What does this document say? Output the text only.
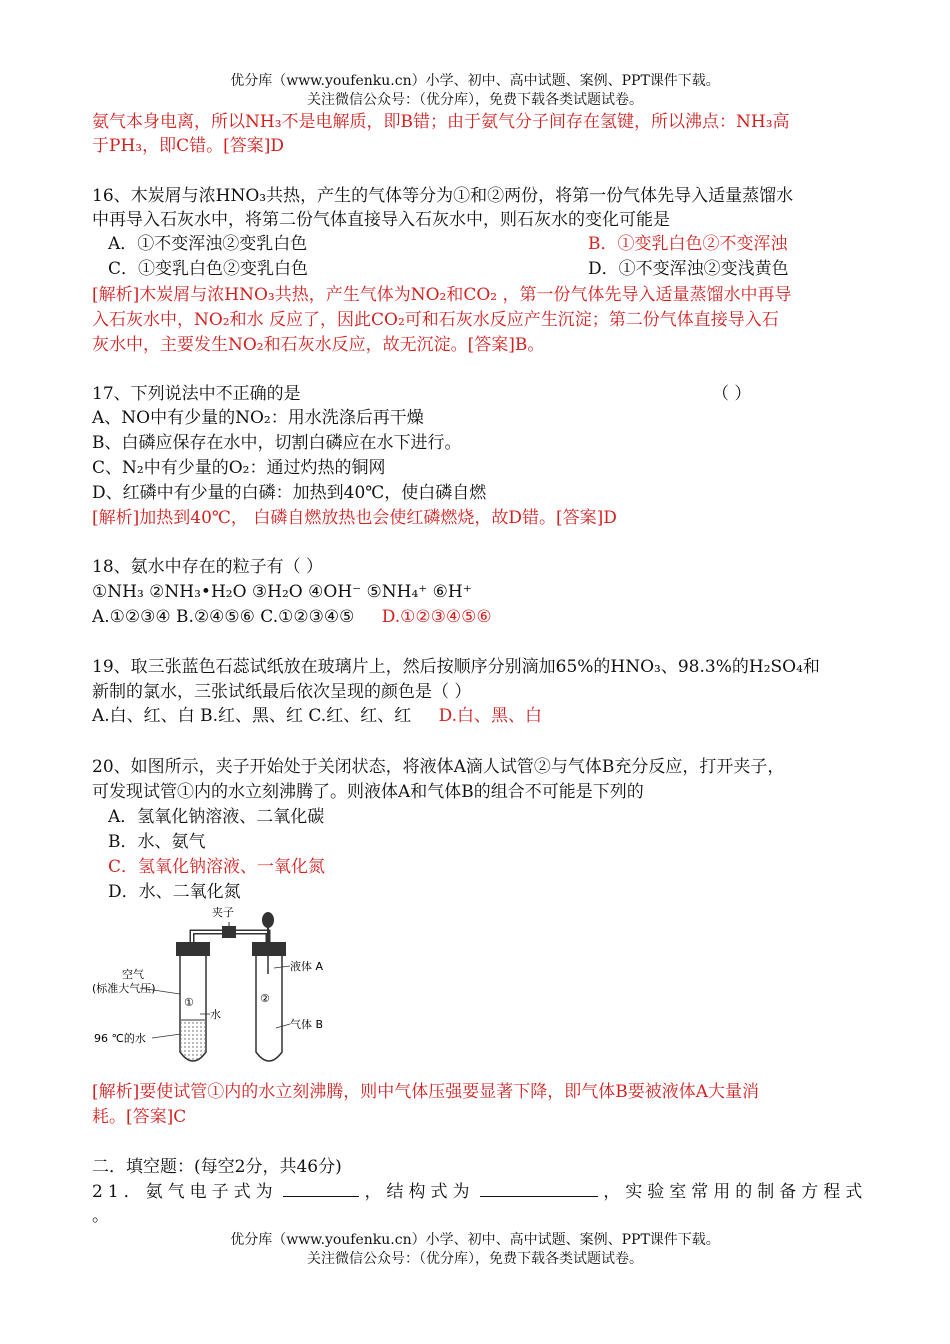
优分库（www.youfenku.cn）小学、初中、高中试题、案例、PPT课件下载。
关注微信公众号：（优分库），免费下载各类试题试卷。
氨气本身电离，所以NH₃不是电解质，即B错；由于氨气分子间存在氢键，所以沸点：NH₃高
于PH₃，即C错。[答案]D
16、木炭屑与浓HNO₃共热，产生的气体等分为①和②两份，将第一份气体先导入适量蒸馏水
中再导入石灰水中，将第二份气体直接导入石灰水中，则石灰水的变化可能是
A．①不变浑浊②变乳白色	B．①变乳白色②不变浑浊
C．①变乳白色②变乳白色	D．①不变浑浊②变浅黄色
[解析]木炭屑与浓HNO₃共热，产生气体为NO₂和CO₂ ，第一份气体先导入适量蒸馏水中再导
入石灰水中，NO₂和水 反应了，因此CO₂可和石灰水反应产生沉淀；第二份气体直接导入石
灰水中，主要发生NO₂和石灰水反应，故无沉淀。[答案]B。
17、下列说法中不正确的是	（ ）
A、NO中有少量的NO₂：用水洗涤后再干燥
B、白磷应保存在水中，切割白磷应在水下进行。
C、N₂中有少量的O₂：通过灼热的铜网
D、红磷中有少量的白磷：加热到40℃，使白磷自燃
[解析]加热到40℃， 白磷自燃放热也会使红磷燃烧，故D错。[答案]D
18、氨水中存在的粒子有（ ）
①NH₃ ②NH₃•H₂O ③H₂O ④OH⁻ ⑤NH₄⁺ ⑥H⁺
A.①②③④ B.②④⑤⑥ C.①②③④⑤ D.①②③④⑤⑥
19、取三张蓝色石蕊试纸放在玻璃片上，然后按顺序分别滴加65%的HNO₃、98.3%的H₂SO₄和
新制的氯水，三张试纸最后依次呈现的颜色是（ ）
A.白、红、白 B.红、黑、红 C.红、红、红 D.白、黑、白
20、如图所示，夹子开始处于关闭状态，将液体A滴人试管②与气体B充分反应，打开夹子，
可发现试管①内的水立刻沸腾了。则液体A和气体B的组合不可能是下列的
A．氢氧化钠溶液、二氧化碳
B．水、氨气
C．氢氧化钠溶液、一氧化氮
D．水、二氧化氮
夹子
空气
(标准大气压)
①
水
96 ℃的水
液体 A
②
气体 B
[解析]要使试管①内的水立刻沸腾，则中气体压强要显著下降，即气体B要被液体A大量消
耗。[答案]C
二．填空题：(每空2分，共46分)
21．氨气电子式为	，结构式为	，实验室常用的制备方程式
。
优分库（www.youfenku.cn）小学、初中、高中试题、案例、PPT课件下载。
关注微信公众号：（优分库），免费下载各类试题试卷。
